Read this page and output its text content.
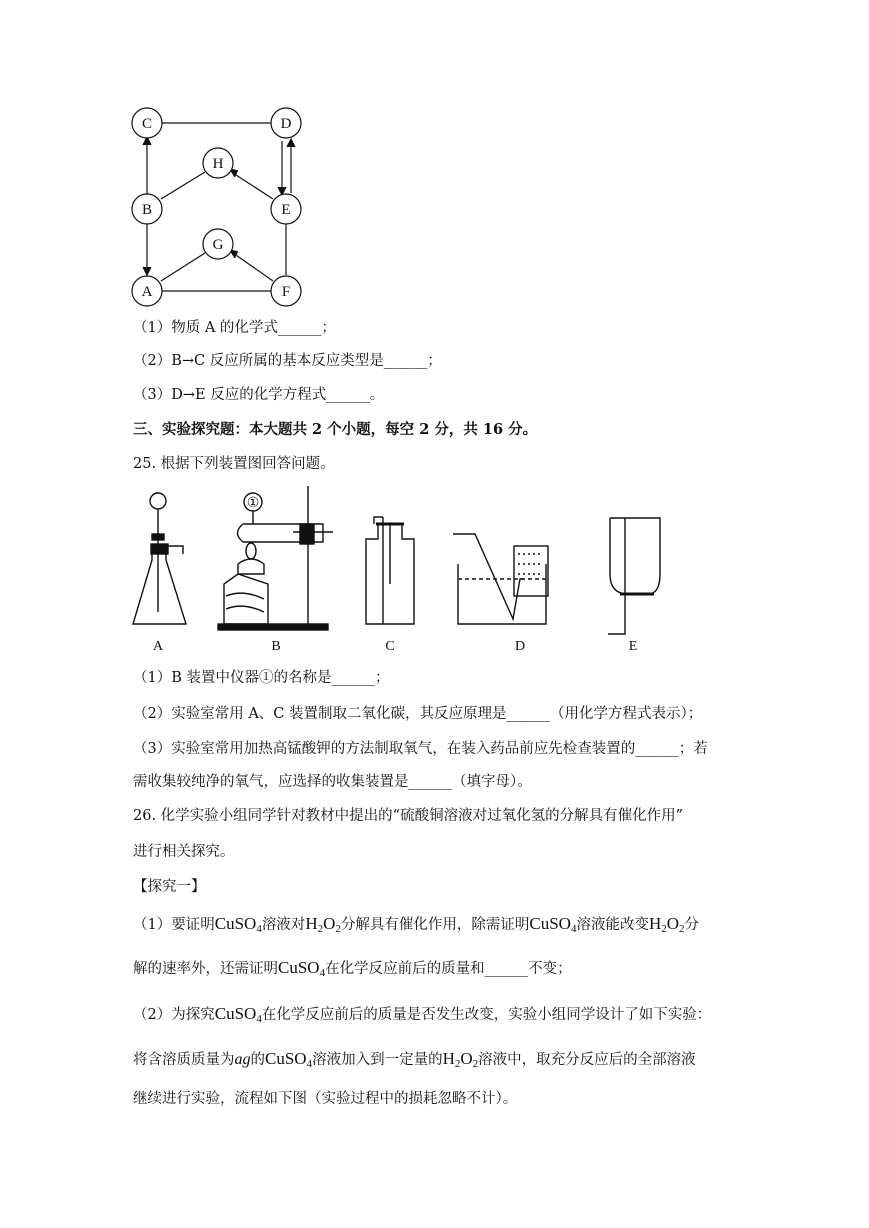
C	D
H
B	E
G
A	F
（1）物质 A 的化学式______；
（2）B→C 反应所属的基本反应类型是______；
（3）D→E 反应的化学方程式______。
三、实验探究题：本大题共 2 个小题，每空 2 分，共 16 分。
25. 根据下列装置图回答问题。
A	B	C	D	E
①
（1）B 装置中仪器①的名称是______；
（2）实验室常用 A、C 装置制取二氧化碳，其反应原理是______（用化学方程式表示）；
（3）实验室常用加热高锰酸钾的方法制取氧气，在装入药品前应先检查装置的______；若
需收集较纯净的氧气，应选择的收集装置是______（填字母）。
26. 化学实验小组同学针对教材中提出的“硫酸铜溶液对过氧化氢的分解具有催化作用”
进行相关探究。
【探究一】
（1）要证明CuSO$_4$溶液对$H_2O_2$分解具有催化作用，除需证明CuSO$_4$溶液能改变$H_2O_2$分
解的速率外，还需证明CuSO$_4$在化学反应前后的质量和______不变；
（2）为探究CuSO$_4$在化学反应前后的质量是否发生改变，实验小组同学设计了如下实验：
将含溶质质量为ag的CuSO$_4$溶液加入到一定量的$H_2O_2$溶液中，取充分反应后的全部溶液
继续进行实验，流程如下图（实验过程中的损耗忽略不计）。
